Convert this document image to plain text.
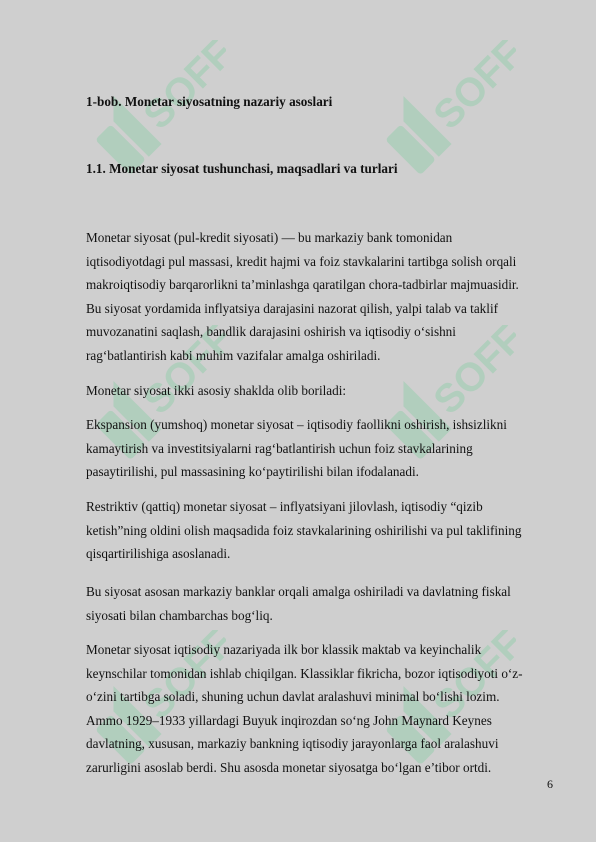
SOFF	SOFF
SOFF	SOFF
SOFF	SOFF
1-bob. Monetar siyosatning nazariy asoslari
1.1. Monetar siyosat tushunchasi, maqsadlari va turlari
Monetar siyosat (pul-kredit siyosati) — bu markaziy bank tomonidan
iqtisodiyotdagi pul massasi, kredit hajmi va foiz stavkalarini tartibga solish orqali
makroiqtisodiy barqarorlikni ta’minlashga qaratilgan chora-tadbirlar majmuasidir.
Bu siyosat yordamida inflyatsiya darajasini nazorat qilish, yalpi talab va taklif
muvozanatini saqlash, bandlik darajasini oshirish va iqtisodiy o‘sishni
rag‘batlantirish kabi muhim vazifalar amalga oshiriladi.
Monetar siyosat ikki asosiy shaklda olib boriladi:
Ekspansion (yumshoq) monetar siyosat – iqtisodiy faollikni oshirish, ishsizlikni
kamaytirish va investitsiyalarni rag‘batlantirish uchun foiz stavkalarining
pasaytirilishi, pul massasining ko‘paytirilishi bilan ifodalanadi.
Restriktiv (qattiq) monetar siyosat – inflyatsiyani jilovlash, iqtisodiy “qizib
ketish”ning oldini olish maqsadida foiz stavkalarining oshirilishi va pul taklifining
qisqartirilishiga asoslanadi.
Bu siyosat asosan markaziy banklar orqali amalga oshiriladi va davlatning fiskal
siyosati bilan chambarchas bog‘liq.
Monetar siyosat iqtisodiy nazariyada ilk bor klassik maktab va keyinchalik
keynschilar tomonidan ishlab chiqilgan. Klassiklar fikricha, bozor iqtisodiyoti o‘z-
o‘zini tartibga soladi, shuning uchun davlat aralashuvi minimal bo‘lishi lozim.
Ammo 1929–1933 yillardagi Buyuk inqirozdan so‘ng John Maynard Keynes
davlatning, xususan, markaziy bankning iqtisodiy jarayonlarga faol aralashuvi
zarurligini asoslab berdi. Shu asosda monetar siyosatga bo‘lgan e’tibor ortdi.
6
